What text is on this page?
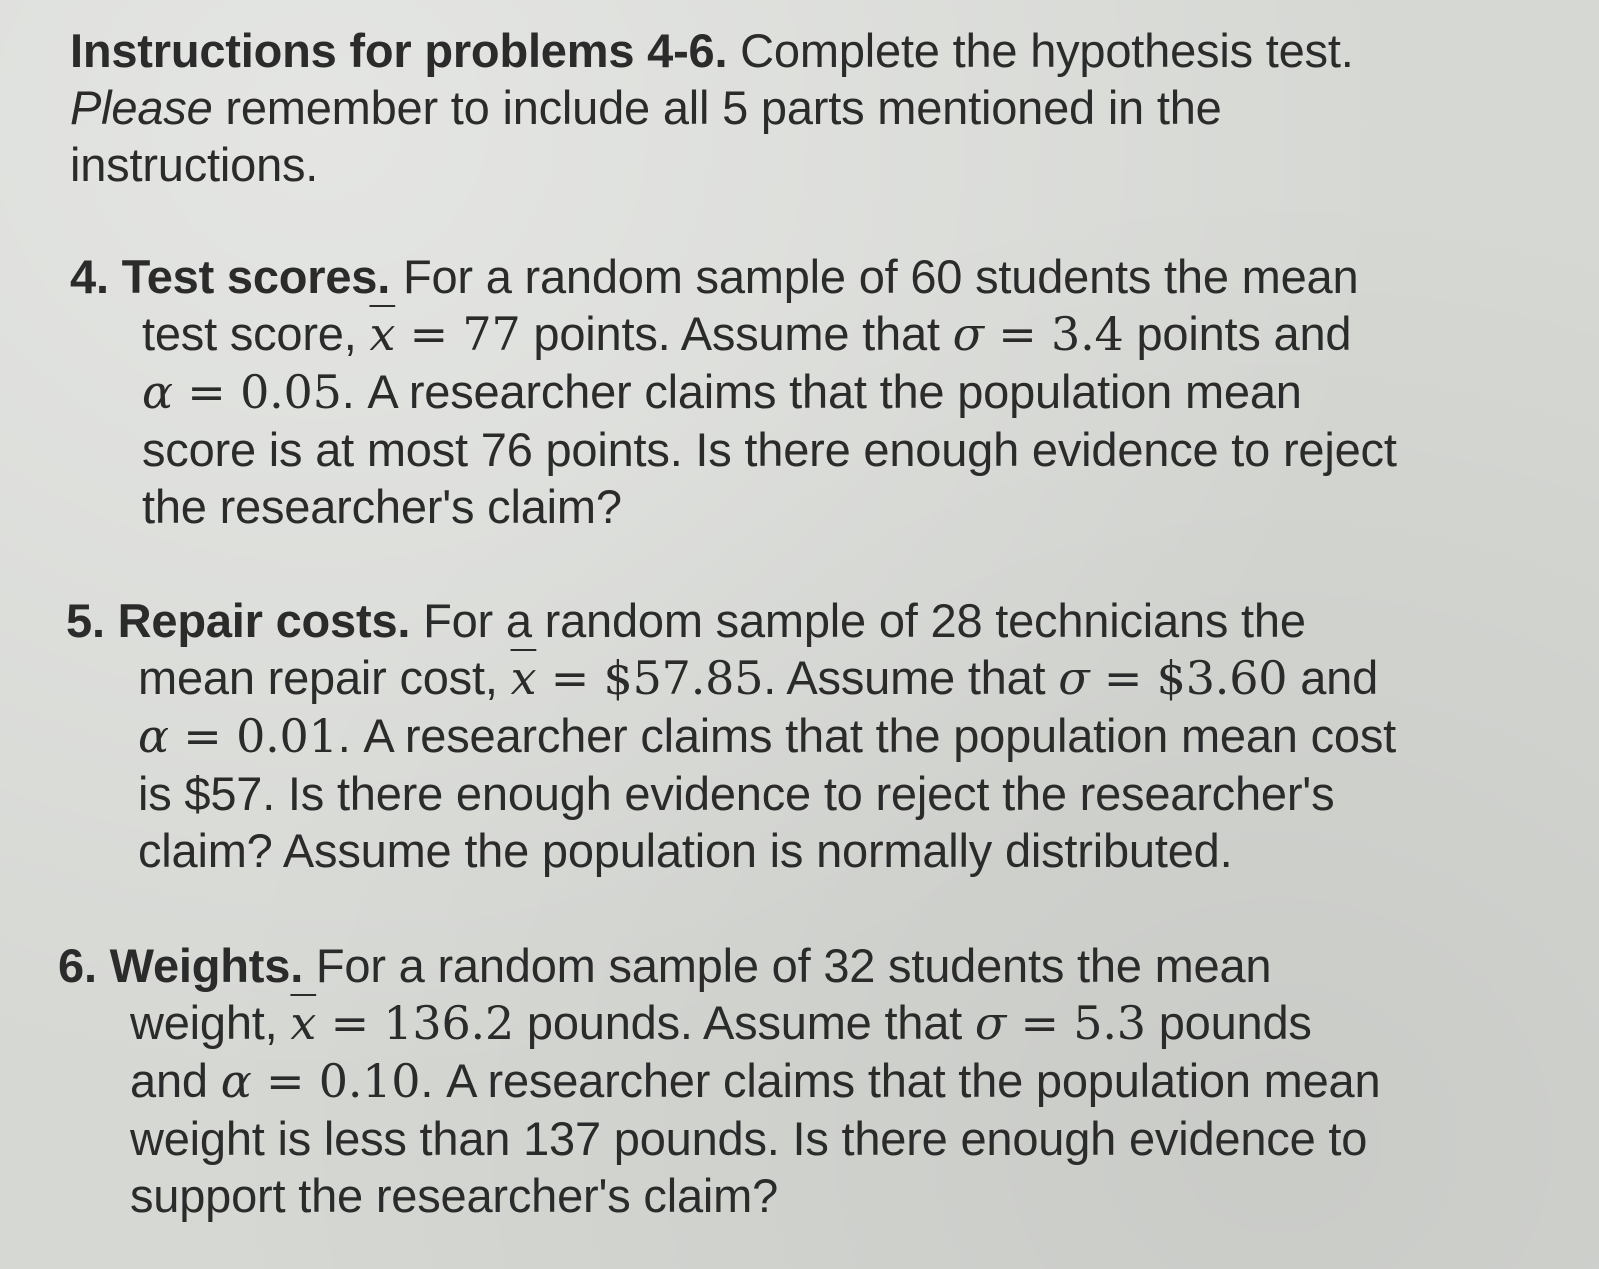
Instructions for problems 4-6. Complete the hypothesis test.
Please remember to include all 5 parts mentioned in the
instructions.
4. Test scores. For a random sample of 60 students the mean
test score, $\overline{x} = 77$ points. Assume that σ = 3.4 points and
α = 0.05. A researcher claims that the population mean
score is at most 76 points. Is there enough evidence to reject
the researcher's claim?
5. Repair costs. For a random sample of 28 technicians the
mean repair cost, $\overline{x}$ = $57.85. Assume that σ = $3.60 and
α = 0.01. A researcher claims that the population mean cost
is $57. Is there enough evidence to reject the researcher's
claim? Assume the population is normally distributed.
6. Weights. For a random sample of 32 students the mean
weight, $\overline{x} = 136.2$ pounds. Assume that σ = 5.3 pounds
and α = 0.10. A researcher claims that the population mean
weight is less than 137 pounds. Is there enough evidence to
support the researcher's claim?
